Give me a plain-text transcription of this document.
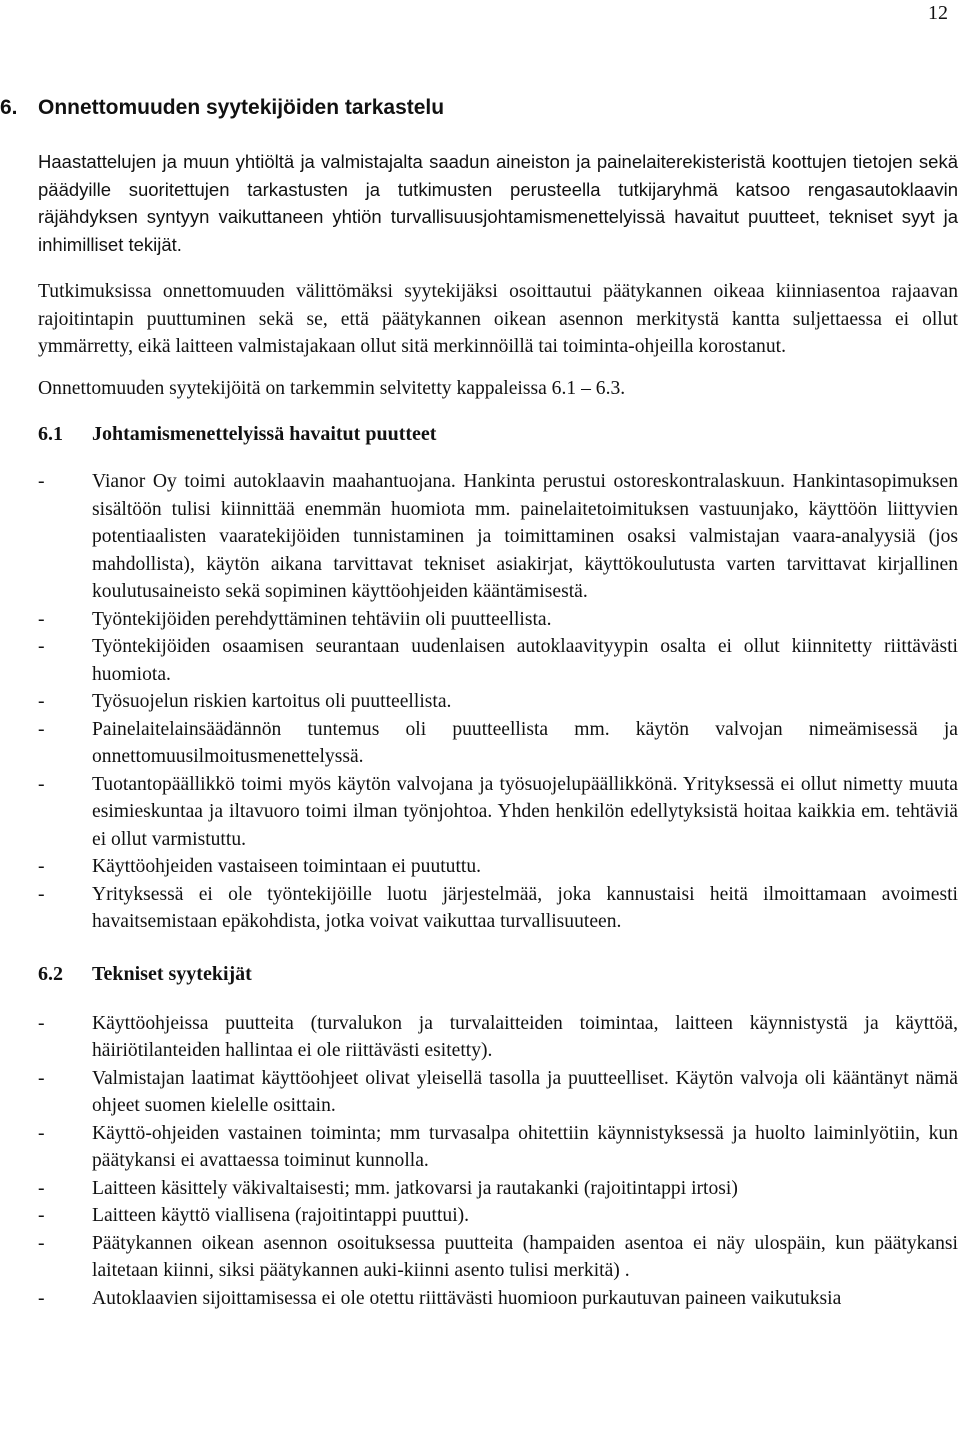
12
6. Onnettomuuden syytekijöiden tarkastelu

Haastattelujen ja muun yhtiöltä ja valmistajalta saadun aineiston ja painelaiterekisteristä koottujen tietojen sekä päädyille suoritettujen tarkastusten ja tutkimusten perusteella tutkijaryhmä katsoo rengasautoklaavin räjähdyksen syntyyn vaikuttaneen yhtiön turvallisuusjohtamismenettelyissä havaitut puutteet, tekniset syyt ja inhimilliset tekijät.

Tutkimuksissa onnettomuuden välittömäksi syytekijäksi osoittautui päätykannen oikeaa kiinniasentoa rajaavan rajoitintapin puuttuminen sekä se, että päätykannen oikean asennon merkitystä kantta suljettaessa ei ollut ymmärretty, eikä laitteen valmistajakaan ollut sitä merkinnöillä tai toiminta-ohjeilla korostanut.

Onnettomuuden syytekijöitä on tarkemmin selvitetty kappaleissa 6.1 – 6.3.

6.1	Johtamismenettelyissä havaitut puutteet
-	Vianor Oy toimi autoklaavin maahantuojana. Hankinta perustui ostoreskontralaskuun. Hankintasopimuksen sisältöön tulisi kiinnittää enemmän huomiota mm. painelaitetoimituksen vastuunjako, käyttöön liittyvien potentiaalisten vaaratekijöiden tunnistaminen ja toimittaminen osaksi valmistajan vaara-analyysiä (jos mahdollista), käytön aikana tarvittavat tekniset asiakirjat, käyttökoulutusta varten tarvittavat kirjallinen koulutusaineisto sekä sopiminen käyttöohjeiden kääntämisestä.
-	Työntekijöiden perehdyttäminen tehtäviin oli puutteellista.
-	Työntekijöiden osaamisen seurantaan uudenlaisen autoklaavityypin osalta ei ollut kiinnitetty riittävästi huomiota.
-	Työsuojelun riskien kartoitus oli puutteellista.
-	Painelaitelainsäädännön tuntemus oli puutteellista mm. käytön valvojan nimeämisessä ja onnettomuusilmoitusmenettelyssä.
-	Tuotantopäällikkö toimi myös käytön valvojana ja työsuojelupäällikkönä. Yrityksessä ei ollut nimetty muuta esimieskuntaa ja iltavuoro toimi ilman työnjohtoa. Yhden henkilön edellytyksistä hoitaa kaikkia em. tehtäviä ei ollut varmistuttu.
-	Käyttöohjeiden vastaiseen toimintaan ei puututtu.
-	Yrityksessä ei ole työntekijöille luotu järjestelmää, joka kannustaisi heitä ilmoittamaan avoimesti havaitsemistaan epäkohdista, jotka voivat vaikuttaa turvallisuuteen.
6.2	Tekniset syytekijät
-	Käyttöohjeissa puutteita (turvalukon ja turvalaitteiden toimintaa, laitteen käynnistystä ja käyttöä, häiriötilanteiden hallintaa ei ole riittävästi esitetty).
-	Valmistajan laatimat käyttöohjeet olivat yleisellä tasolla ja puutteelliset. Käytön valvoja oli kääntänyt nämä ohjeet suomen kielelle osittain.
-	Käyttö-ohjeiden vastainen toiminta; mm turvasalpa ohitettiin käynnistyksessä ja huolto laiminlyötiin, kun päätykansi ei avattaessa toiminut kunnolla.
-	Laitteen käsittely väkivaltaisesti; mm. jatkovarsi ja rautakanki (rajoitintappi irtosi)
-	Laitteen käyttö viallisena (rajoitintappi puuttui).
-	Päätykannen oikean asennon osoituksessa puutteita (hampaiden asentoa ei näy ulospäin, kun päätykansi laitetaan kiinni, siksi päätykannen auki-kiinni asento tulisi merkitä) .
-	Autoklaavien sijoittamisessa ei ole otettu riittävästi huomioon purkautuvan paineen vaikutuksia
